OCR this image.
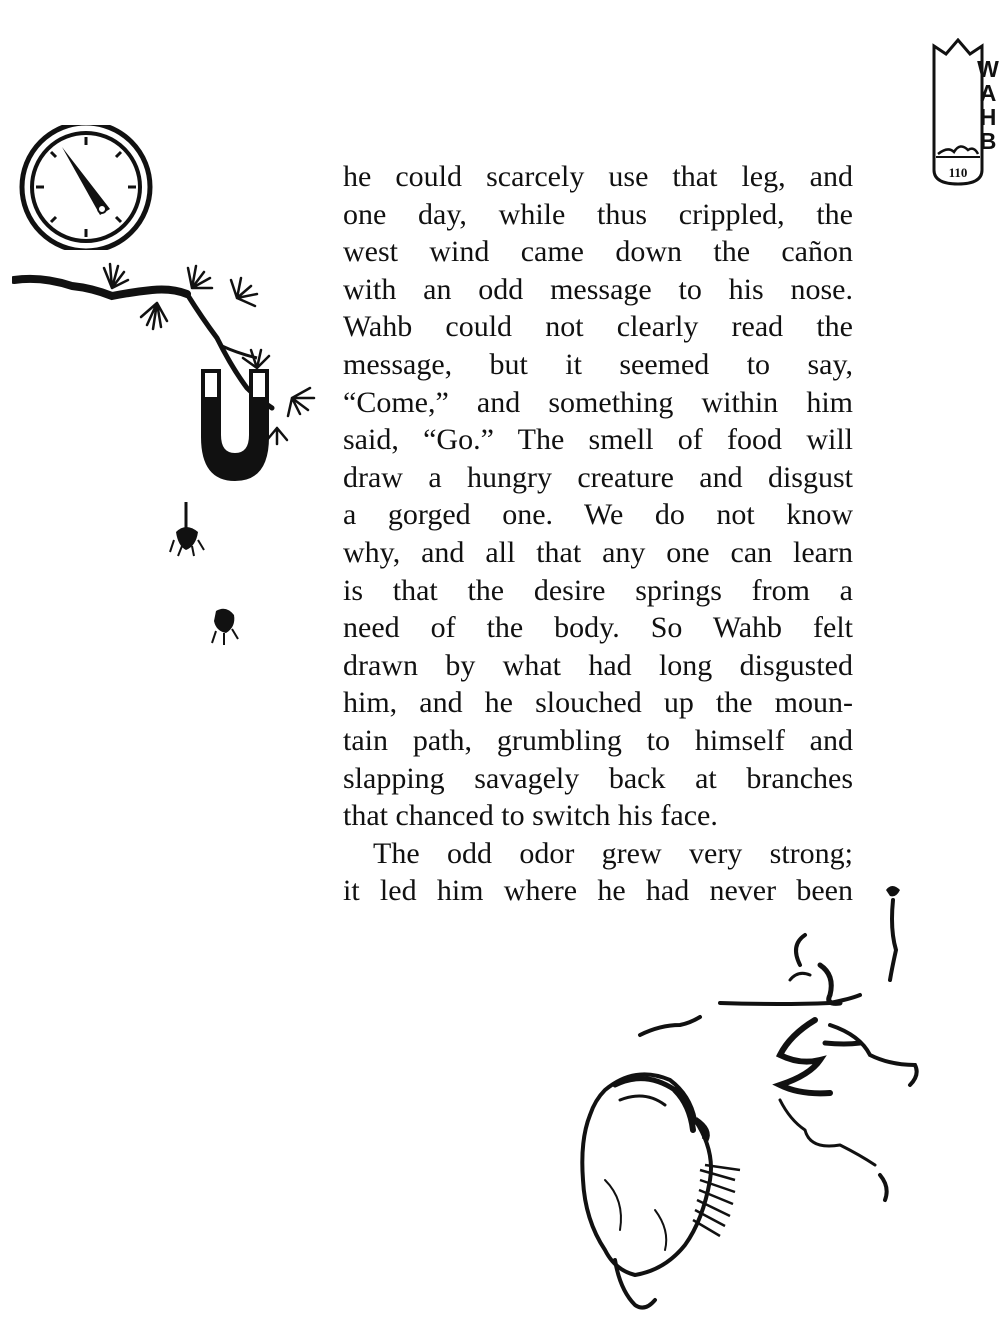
W
A
H
B
110
he could scarcely use that leg, and
one day, while thus crippled, the
west wind came down the cañon
with an odd message to his nose.
Wahb could not clearly read the
message, but it seemed to say,
“Come,” and something within him
said, “Go.” The smell of food will
draw a hungry creature and disgust
a gorged one. We do not know
why, and all that any one can learn
is that the desire springs from a
need of the body. So Wahb felt
drawn by what had long disgusted
him, and he slouched up the moun-
tain path, grumbling to himself and
slapping savagely back at branches
that chanced to switch his face.
The odd odor grew very strong;
it led him where he had never been
